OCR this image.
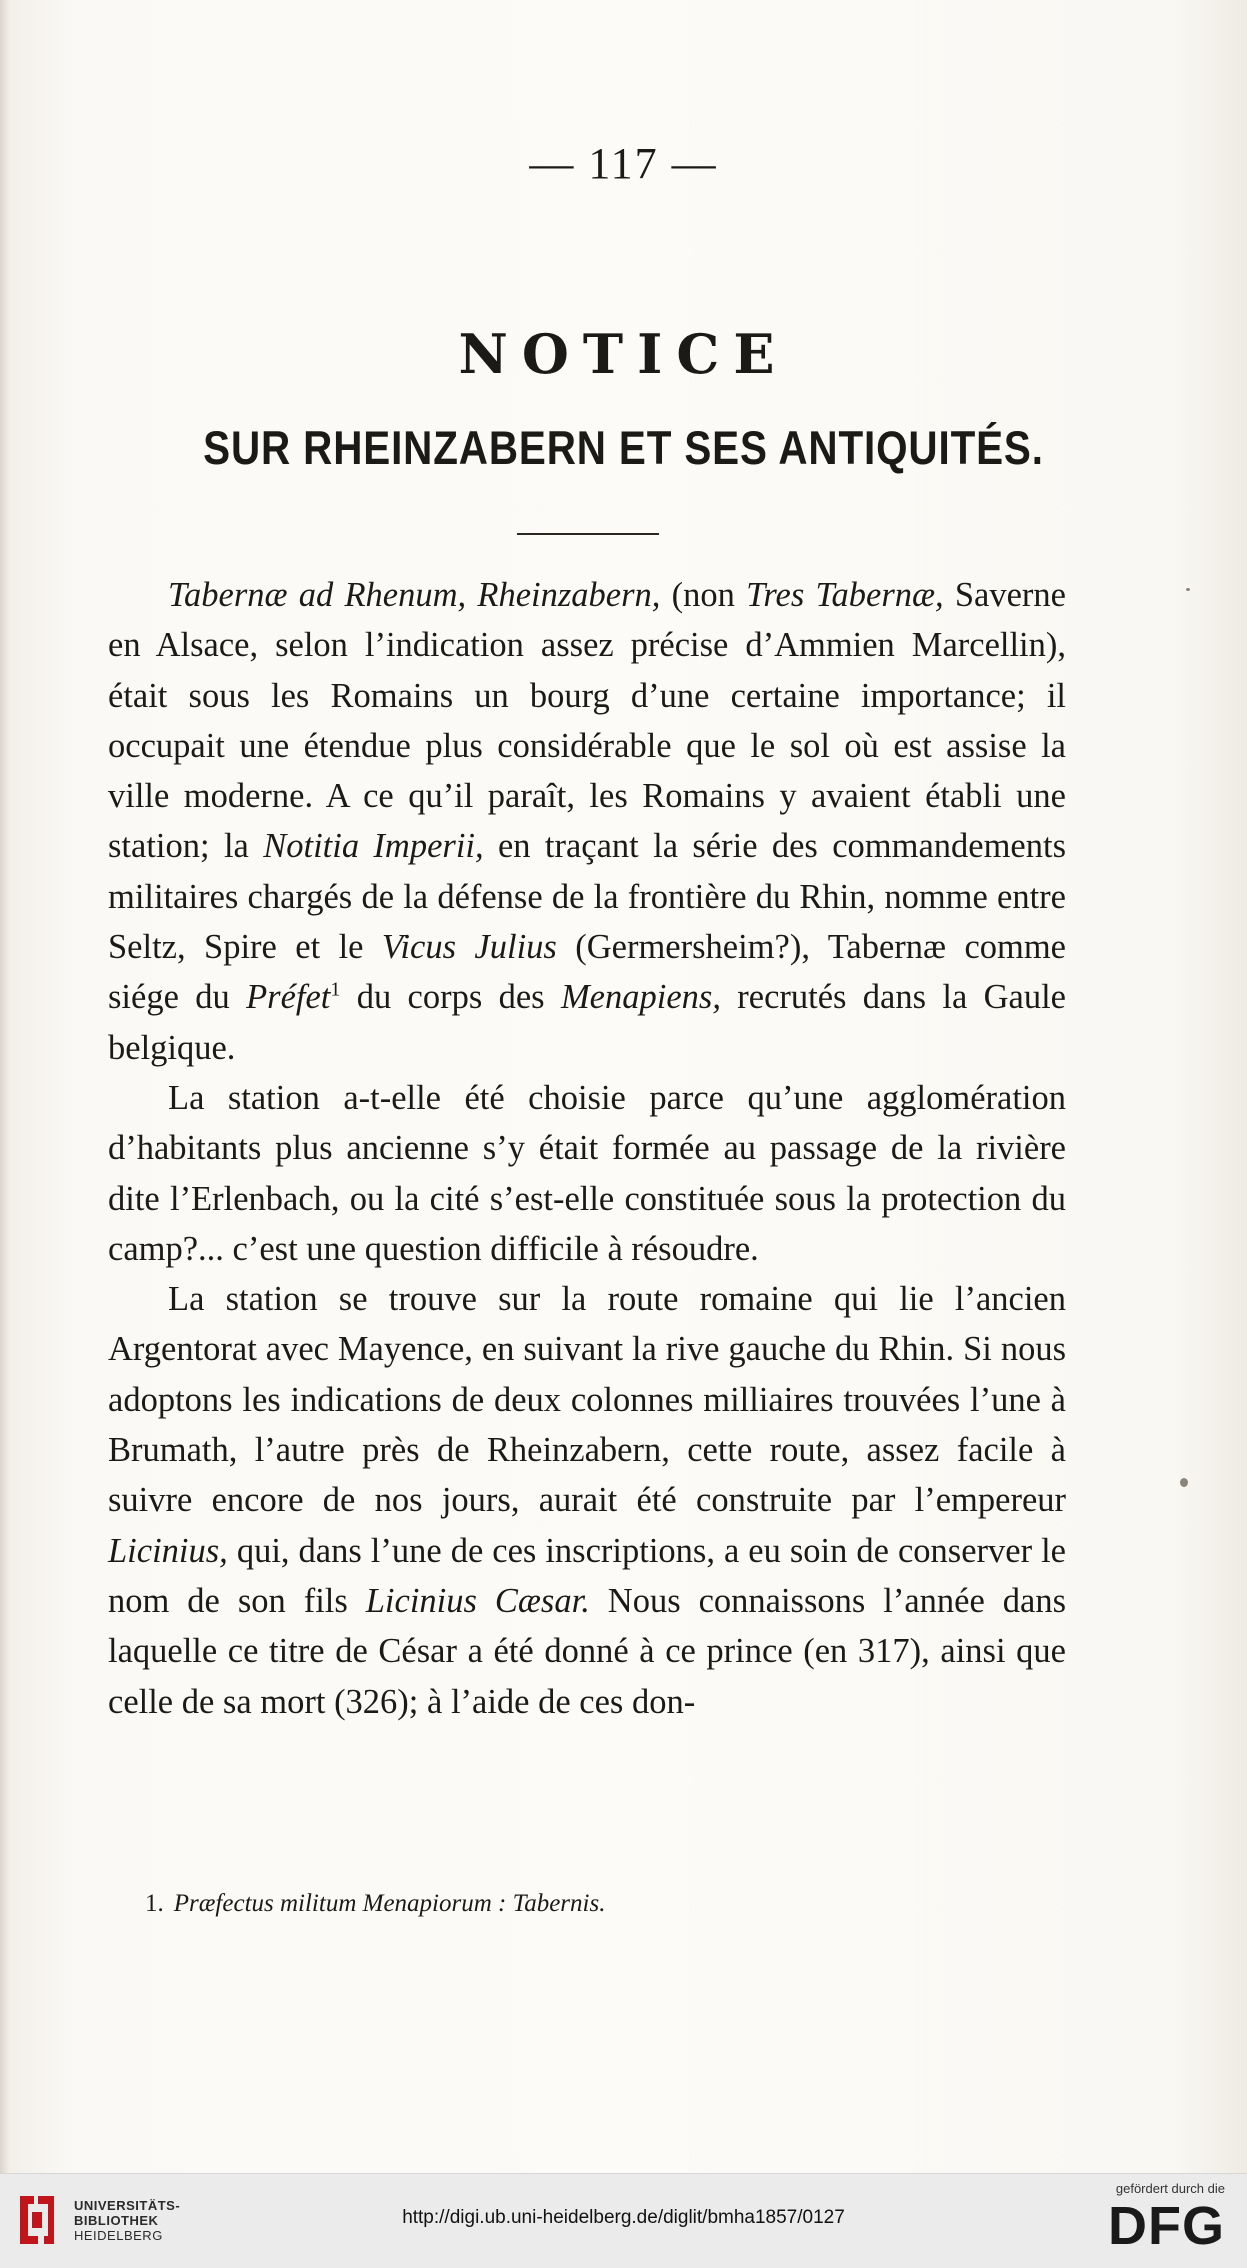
— 117 —
NOTICE
SUR RHEINZABERN ET SES ANTIQUITÉS.

Tabernæ ad Rhenum, Rheinzabern, (non Tres Tabernæ, Saverne en Alsace, selon l’indication assez précise d’Ammien Marcellin), était sous les Romains un bourg d’une certaine importance; il occupait une étendue plus considérable que le sol où est assise la ville moderne. A ce qu’il paraît, les Romains y avaient établi une station; la Notitia Imperii, en traçant la série des commandements militaires chargés de la défense de la frontière du Rhin, nomme entre Seltz, Spire et le Vicus Julius (Germersheim?), Tabernæ comme siége du Préfet$^1$ du corps des Menapiens, recrutés dans la Gaule belgique.

La station a-t-elle été choisie parce qu’une agglomération d’habitants plus ancienne s’y était formée au passage de la rivière dite l’Erlenbach, ou la cité s’est-elle constituée sous la protection du camp?... c’est une question difficile à résoudre.

La station se trouve sur la route romaine qui lie l’ancien Argentorat avec Mayence, en suivant la rive gauche du Rhin. Si nous adoptons les indications de deux colonnes milliaires trouvées l’une à Brumath, l’autre près de Rheinzabern, cette route, assez facile à suivre encore de nos jours, aurait été construite par l’empereur Licinius, qui, dans l’une de ces inscriptions, a eu soin de conserver le nom de son fils Licinius Cæsar. Nous connaissons l’année dans laquelle ce titre de César a été donné à ce prince (en 317), ainsi que celle de sa mort (326); à l’aide de ces don-

1. Præfectus militum Menapiorum : Tabernis.
UNIVERSITÄTS-
BIBLIOTHEK
HEIDELBERG
http://digi.ub.uni-heidelberg.de/diglit/bmha1857/0127
gefördert durch die
DFG
